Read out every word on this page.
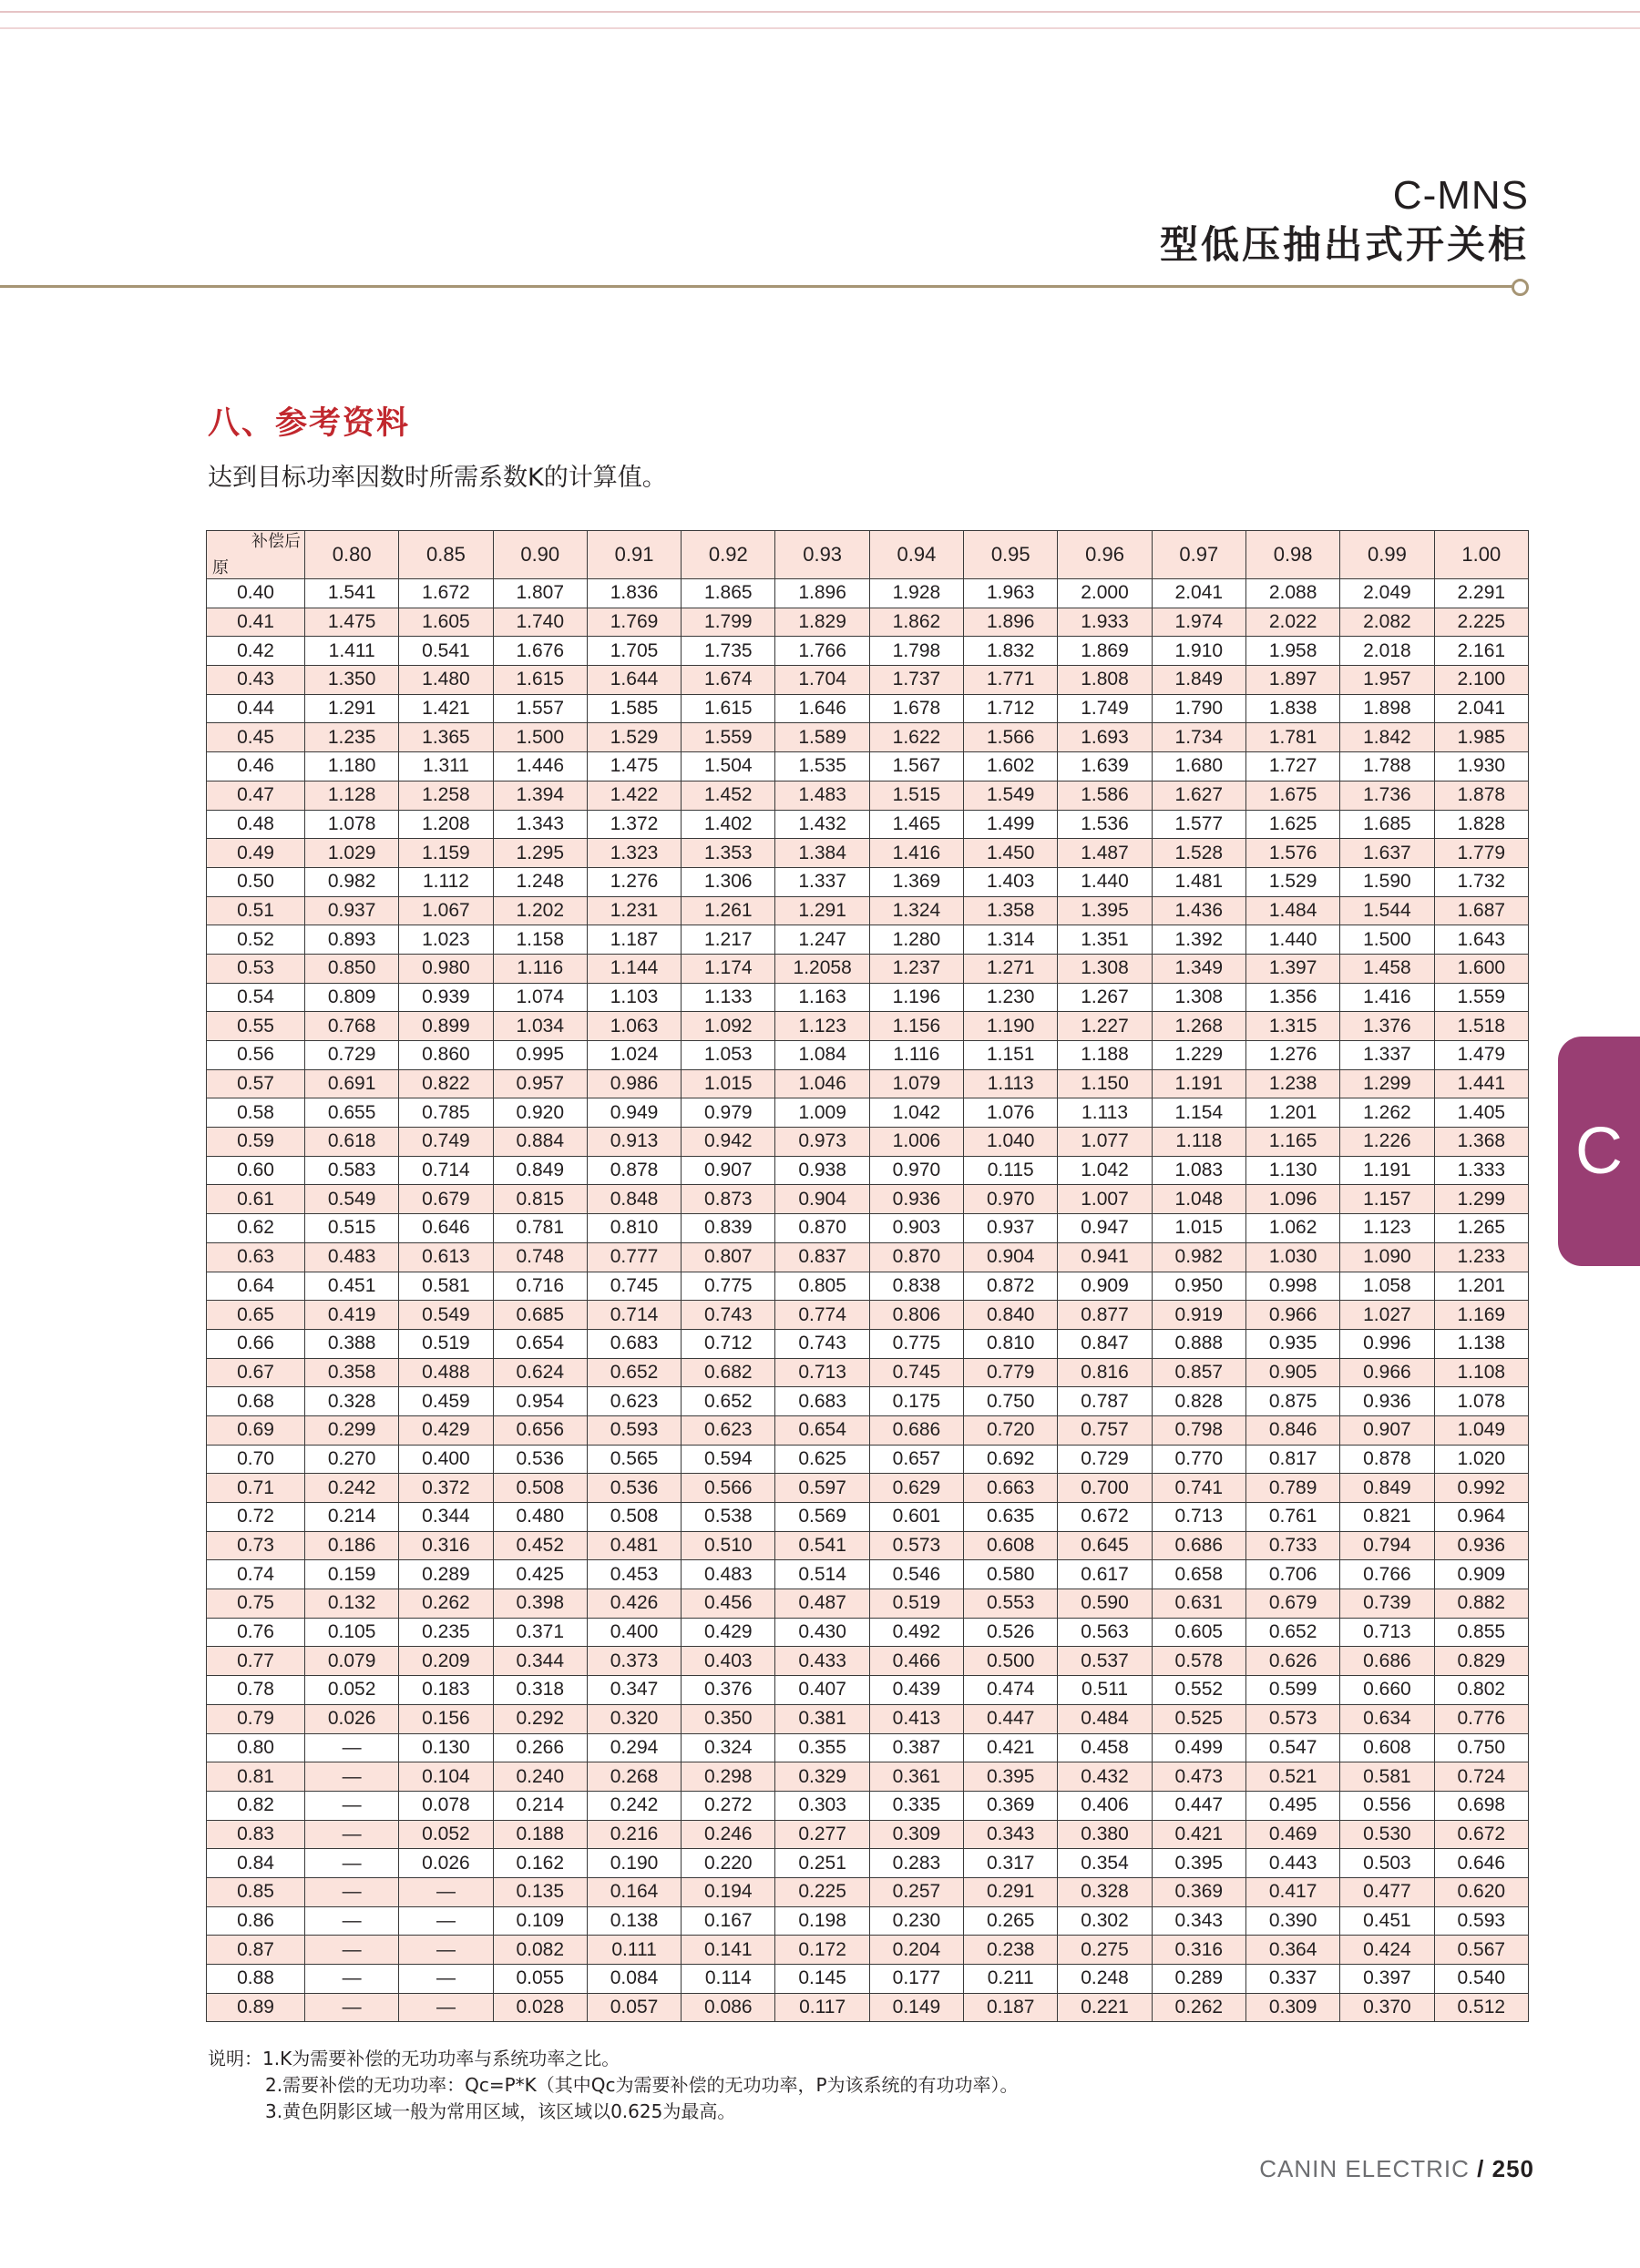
C-MNS
型低压抽出式开关柜
八、参考资料
达到目标功率因数时所需系数K的计算值。
C
补偿后
原	0.80	0.85	0.90	0.91	0.92	0.93	0.94	0.95	0.96	0.97	0.98	0.99	1.00
0.40	1.541	1.672	1.807	1.836	1.865	1.896	1.928	1.963	2.000	2.041	2.088	2.049	2.291
0.41	1.475	1.605	1.740	1.769	1.799	1.829	1.862	1.896	1.933	1.974	2.022	2.082	2.225
0.42	1.411	0.541	1.676	1.705	1.735	1.766	1.798	1.832	1.869	1.910	1.958	2.018	2.161
0.43	1.350	1.480	1.615	1.644	1.674	1.704	1.737	1.771	1.808	1.849	1.897	1.957	2.100
0.44	1.291	1.421	1.557	1.585	1.615	1.646	1.678	1.712	1.749	1.790	1.838	1.898	2.041
0.45	1.235	1.365	1.500	1.529	1.559	1.589	1.622	1.566	1.693	1.734	1.781	1.842	1.985
0.46	1.180	1.311	1.446	1.475	1.504	1.535	1.567	1.602	1.639	1.680	1.727	1.788	1.930
0.47	1.128	1.258	1.394	1.422	1.452	1.483	1.515	1.549	1.586	1.627	1.675	1.736	1.878
0.48	1.078	1.208	1.343	1.372	1.402	1.432	1.465	1.499	1.536	1.577	1.625	1.685	1.828
0.49	1.029	1.159	1.295	1.323	1.353	1.384	1.416	1.450	1.487	1.528	1.576	1.637	1.779
0.50	0.982	1.112	1.248	1.276	1.306	1.337	1.369	1.403	1.440	1.481	1.529	1.590	1.732
0.51	0.937	1.067	1.202	1.231	1.261	1.291	1.324	1.358	1.395	1.436	1.484	1.544	1.687
0.52	0.893	1.023	1.158	1.187	1.217	1.247	1.280	1.314	1.351	1.392	1.440	1.500	1.643
0.53	0.850	0.980	1.116	1.144	1.174	1.2058	1.237	1.271	1.308	1.349	1.397	1.458	1.600
0.54	0.809	0.939	1.074	1.103	1.133	1.163	1.196	1.230	1.267	1.308	1.356	1.416	1.559
0.55	0.768	0.899	1.034	1.063	1.092	1.123	1.156	1.190	1.227	1.268	1.315	1.376	1.518
0.56	0.729	0.860	0.995	1.024	1.053	1.084	1.116	1.151	1.188	1.229	1.276	1.337	1.479
0.57	0.691	0.822	0.957	0.986	1.015	1.046	1.079	1.113	1.150	1.191	1.238	1.299	1.441
0.58	0.655	0.785	0.920	0.949	0.979	1.009	1.042	1.076	1.113	1.154	1.201	1.262	1.405
0.59	0.618	0.749	0.884	0.913	0.942	0.973	1.006	1.040	1.077	1.118	1.165	1.226	1.368
0.60	0.583	0.714	0.849	0.878	0.907	0.938	0.970	0.115	1.042	1.083	1.130	1.191	1.333
0.61	0.549	0.679	0.815	0.848	0.873	0.904	0.936	0.970	1.007	1.048	1.096	1.157	1.299
0.62	0.515	0.646	0.781	0.810	0.839	0.870	0.903	0.937	0.947	1.015	1.062	1.123	1.265
0.63	0.483	0.613	0.748	0.777	0.807	0.837	0.870	0.904	0.941	0.982	1.030	1.090	1.233
0.64	0.451	0.581	0.716	0.745	0.775	0.805	0.838	0.872	0.909	0.950	0.998	1.058	1.201
0.65	0.419	0.549	0.685	0.714	0.743	0.774	0.806	0.840	0.877	0.919	0.966	1.027	1.169
0.66	0.388	0.519	0.654	0.683	0.712	0.743	0.775	0.810	0.847	0.888	0.935	0.996	1.138
0.67	0.358	0.488	0.624	0.652	0.682	0.713	0.745	0.779	0.816	0.857	0.905	0.966	1.108
0.68	0.328	0.459	0.954	0.623	0.652	0.683	0.175	0.750	0.787	0.828	0.875	0.936	1.078
0.69	0.299	0.429	0.656	0.593	0.623	0.654	0.686	0.720	0.757	0.798	0.846	0.907	1.049
0.70	0.270	0.400	0.536	0.565	0.594	0.625	0.657	0.692	0.729	0.770	0.817	0.878	1.020
0.71	0.242	0.372	0.508	0.536	0.566	0.597	0.629	0.663	0.700	0.741	0.789	0.849	0.992
0.72	0.214	0.344	0.480	0.508	0.538	0.569	0.601	0.635	0.672	0.713	0.761	0.821	0.964
0.73	0.186	0.316	0.452	0.481	0.510	0.541	0.573	0.608	0.645	0.686	0.733	0.794	0.936
0.74	0.159	0.289	0.425	0.453	0.483	0.514	0.546	0.580	0.617	0.658	0.706	0.766	0.909
0.75	0.132	0.262	0.398	0.426	0.456	0.487	0.519	0.553	0.590	0.631	0.679	0.739	0.882
0.76	0.105	0.235	0.371	0.400	0.429	0.430	0.492	0.526	0.563	0.605	0.652	0.713	0.855
0.77	0.079	0.209	0.344	0.373	0.403	0.433	0.466	0.500	0.537	0.578	0.626	0.686	0.829
0.78	0.052	0.183	0.318	0.347	0.376	0.407	0.439	0.474	0.511	0.552	0.599	0.660	0.802
0.79	0.026	0.156	0.292	0.320	0.350	0.381	0.413	0.447	0.484	0.525	0.573	0.634	0.776
0.80	—	0.130	0.266	0.294	0.324	0.355	0.387	0.421	0.458	0.499	0.547	0.608	0.750
0.81	—	0.104	0.240	0.268	0.298	0.329	0.361	0.395	0.432	0.473	0.521	0.581	0.724
0.82	—	0.078	0.214	0.242	0.272	0.303	0.335	0.369	0.406	0.447	0.495	0.556	0.698
0.83	—	0.052	0.188	0.216	0.246	0.277	0.309	0.343	0.380	0.421	0.469	0.530	0.672
0.84	—	0.026	0.162	0.190	0.220	0.251	0.283	0.317	0.354	0.395	0.443	0.503	0.646
0.85	—	—	0.135	0.164	0.194	0.225	0.257	0.291	0.328	0.369	0.417	0.477	0.620
0.86	—	—	0.109	0.138	0.167	0.198	0.230	0.265	0.302	0.343	0.390	0.451	0.593
0.87	—	—	0.082	0.111	0.141	0.172	0.204	0.238	0.275	0.316	0.364	0.424	0.567
0.88	—	—	0.055	0.084	0.114	0.145	0.177	0.211	0.248	0.289	0.337	0.397	0.540
0.89	—	—	0.028	0.057	0.086	0.117	0.149	0.187	0.221	0.262	0.309	0.370	0.512
说明：1.K为需要补偿的无功功率与系统功率之比。
2.需要补偿的无功功率：Qc=P*K（其中Qc为需要补偿的无功功率，P为该系统的有功功率）。
3.黄色阴影区域一般为常用区域，该区域以0.625为最高。
CANIN ELECTRIC / 250
